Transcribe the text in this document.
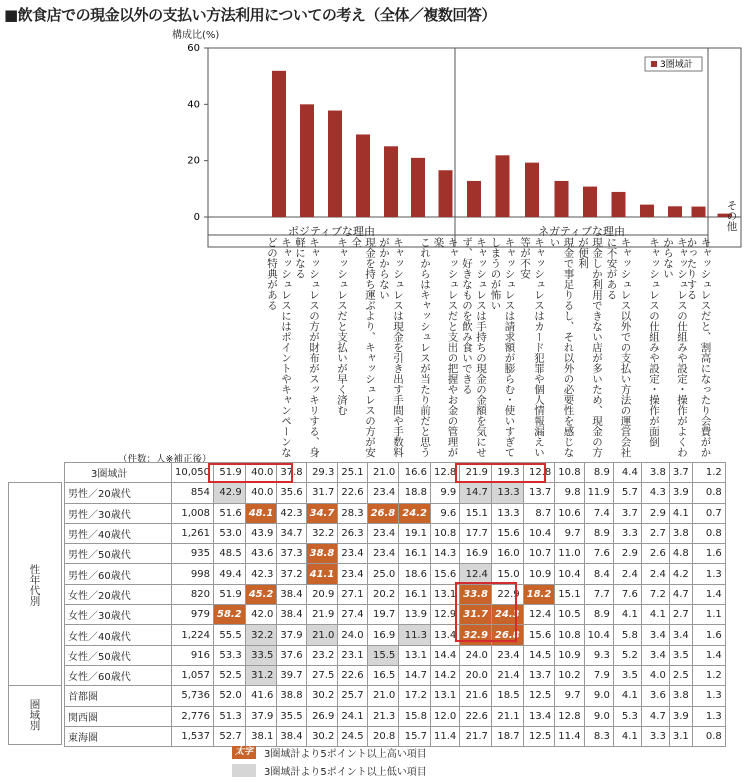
■飲食店での現金以外の支払い方法利用についての考え（全体／複数回答）
構成比(%)
0
20
40
60
3圏域計
キャッシュレスにはポイントやキャンペーンなどの特典がある	キャッシュレスの方が財布がスッキリする、身軽になる	キャッシュレスだと支払いが早く済む	現金を持ち運ぶより、キャッシュレスの方が安全	キャッシュレスは現金を引き出す手間や手数料がかからない	これからはキャッシュレスが当たり前だと思う	キャッシュレスだと支出の把握やお金の管理が楽	キャッシュレスは手持ちの現金の金額を気にせず、好きなものを飲み食いできる	キャッシュレスは請求額が膨らむ・使いすぎてしまうのが怖い	キャッシュレスはカード犯罪や個人情報漏えい等が不安	現金で事足りるし、それ以外の必要性を感じない	現金しか利用できない店が多いため、現金の方が便利	キャッシュレス以外での支払い方法の運営会社に不安がある	キャッシュレスの仕組みや設定・操作が面倒	キャッシュレスの仕組みや設定・操作がよくわからない	キャッシュレスだと、割高になったり会費がかかったりする
その他
ポジティブな理由	ネガティブな理由
（件数：人※補正後）
3圏域計	10,050	51.9	40.0	37.8	29.3	25.1	21.0	16.6	12.8	21.9	19.3	12.8	10.8	8.9	4.4	3.8	3.7	1.2
男性／20歳代	854	42.9	40.0	35.6	31.7	22.6	23.4	18.8	9.9	14.7	13.3	13.7	9.8	11.9	5.7	4.3	3.9	0.8
男性／30歳代	1,008	51.6	48.1	42.3	34.7	28.3	26.8	24.2	9.6	15.1	13.3	8.7	10.6	7.4	3.7	2.9	4.1	0.7
男性／40歳代	1,261	53.0	43.9	34.7	32.2	26.3	23.4	19.1	10.8	17.7	15.6	10.4	9.7	8.9	3.3	2.7	3.8	0.8
男性／50歳代	935	48.5	43.6	37.3	38.8	23.4	23.4	16.1	14.3	16.9	16.0	10.7	11.0	7.6	2.9	2.6	4.8	1.6
男性／60歳代	998	49.4	42.3	37.2	41.1	23.4	25.0	18.6	15.6	12.4	15.0	10.9	10.4	8.4	2.4	2.4	4.2	1.3
女性／20歳代	820	51.9	45.2	38.4	20.9	27.1	20.2	16.1	13.1	33.8	22.9	18.2	15.1	7.7	7.6	7.2	4.7	1.4
女性／30歳代	979	58.2	42.0	38.4	21.9	27.4	19.7	13.9	12.9	31.7	24.3	12.4	10.5	8.9	4.1	4.1	2.7	1.1
女性／40歳代	1,224	55.5	32.2	37.9	21.0	24.0	16.9	11.3	13.4	32.9	26.8	15.6	10.8	10.4	5.8	3.4	3.4	1.6
女性／50歳代	916	53.3	33.5	37.6	23.2	23.1	15.5	13.1	14.4	24.0	23.4	14.5	10.9	9.3	5.2	3.4	3.5	1.4
女性／60歳代	1,057	52.5	31.2	39.7	27.5	22.6	16.5	14.7	14.2	20.0	21.4	13.7	10.2	7.9	3.5	4.0	2.5	1.2
首都圏	5,736	52.0	41.6	38.8	30.2	25.7	21.0	17.2	13.1	21.6	18.5	12.5	9.7	9.0	4.1	3.6	3.8	1.3
関西圏	2,776	51.3	37.9	35.5	26.9	24.1	21.3	15.8	12.0	22.6	21.1	13.4	12.8	9.0	5.3	4.7	3.9	1.3
東海圏	1,537	52.7	38.1	38.4	30.2	24.5	20.8	15.7	11.4	21.7	18.7	12.5	11.4	8.3	4.1	3.3	3.1	0.8
性年代別
圏域別
太字	3圏域計より5ポイント以上高い項目
3圏域計より5ポイント以上低い項目
